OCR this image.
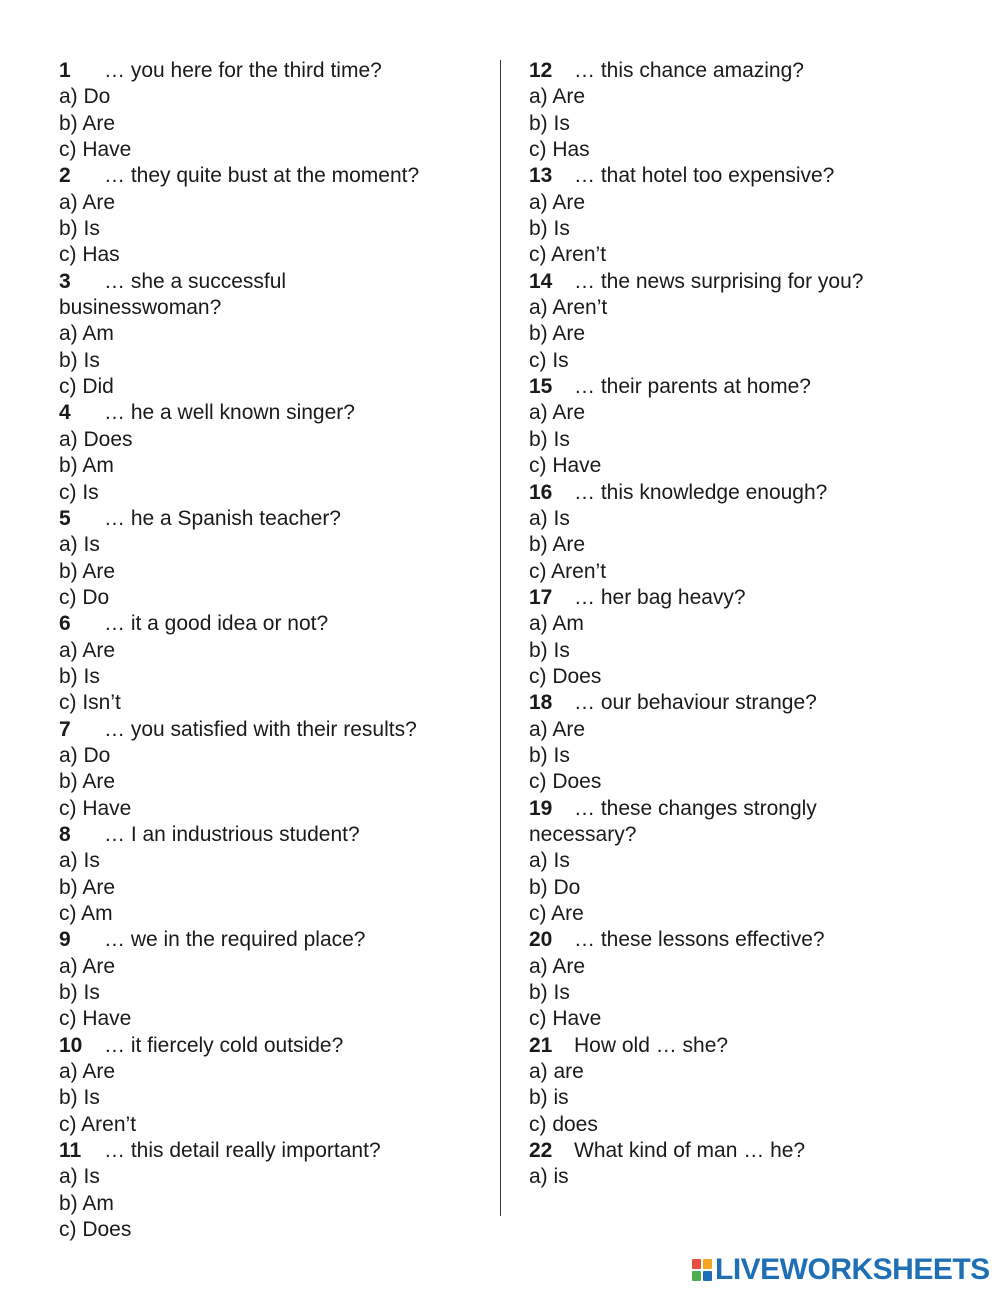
1 … you here for the third time?
a) Do
b) Are
c) Have
2 … they quite bust at the moment?
a) Are
b) Is
c) Has
3 … she a successful
businesswoman?
a) Am
b) Is
c) Did
4 … he a well known singer?
a) Does
b) Am
c) Is
5 … he a Spanish teacher?
a) Is
b) Are
c) Do
6 … it a good idea or not?
a) Are
b) Is
c) Isn’t
7 … you satisfied with their results?
a) Do
b) Are
c) Have
8 … I an industrious student?
a) Is
b) Are
c) Am
9 … we in the required place?
a) Are
b) Is
c) Have
10 … it fiercely cold outside?
a) Are
b) Is
c) Aren’t
11 … this detail really important?
a) Is
b) Am
c) Does
12 … this chance amazing?
a) Are
b) Is
c) Has
13 … that hotel too expensive?
a) Are
b) Is
c) Aren’t
14 … the news surprising for you?
a) Aren’t
b) Are
c) Is
15 … their parents at home?
a) Are
b) Is
c) Have
16 … this knowledge enough?
a) Is
b) Are
c) Aren’t
17 … her bag heavy?
a) Am
b) Is
c) Does
18 … our behaviour strange?
a) Are
b) Is
c) Does
19 … these changes strongly
necessary?
a) Is
b) Do
c) Are
20 … these lessons effective?
a) Are
b) Is
c) Have
21 How old … she?
a) are
b) is
c) does
22 What kind of man … he?
a) is
LIVEWORKSHEETS
